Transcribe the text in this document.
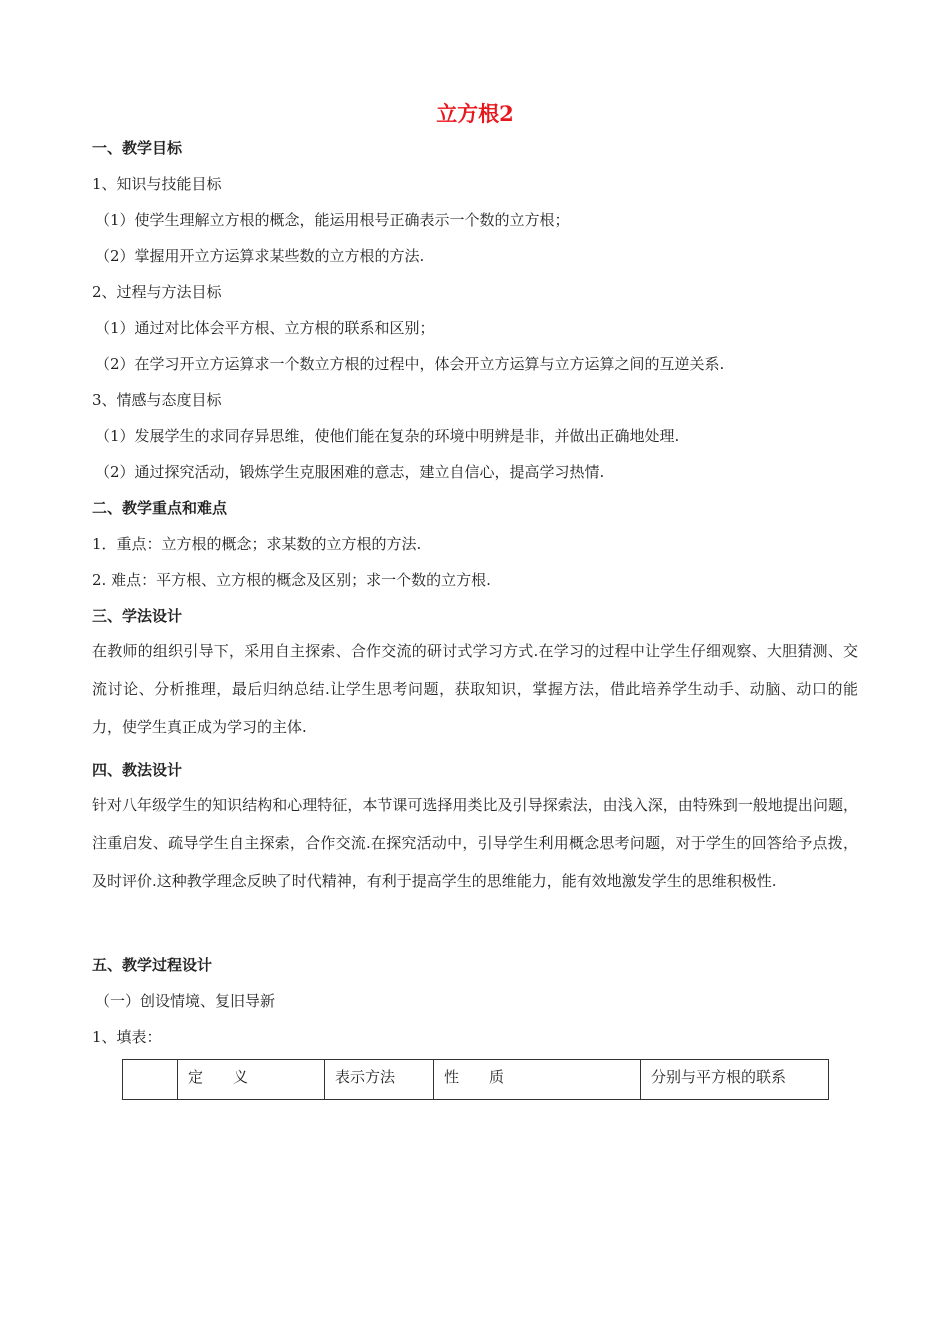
立方根2
一、教学目标
1、知识与技能目标
（1）使学生理解立方根的概念，能运用根号正确表示一个数的立方根；
（2）掌握用开立方运算求某些数的立方根的方法.
2、过程与方法目标
（1）通过对比体会平方根、立方根的联系和区别；
（2）在学习开立方运算求一个数立方根的过程中，体会开立方运算与立方运算之间的互逆关系.
3、情感与态度目标
（1）发展学生的求同存异思维，使他们能在复杂的环境中明辨是非，并做出正确地处理.
（2）通过探究活动，锻炼学生克服困难的意志，建立自信心，提高学习热情.
二、教学重点和难点
1．重点：立方根的概念；求某数的立方根的方法.
2. 难点：平方根、立方根的概念及区别；求一个数的立方根.
三、学法设计
在教师的组织引导下，采用自主探索、合作交流的研讨式学习方式.在学习的过程中让学生仔细观察、大胆猜测、交流讨论、分析推理，最后归纳总结.让学生思考问题，获取知识，掌握方法，借此培养学生动手、动脑、动口的能力，使学生真正成为学习的主体.
四、教法设计
针对八年级学生的知识结构和心理特征，本节课可选择用类比及引导探索法，由浅入深，由特殊到一般地提出问题，注重启发、疏导学生自主探索，合作交流.在探究活动中，引导学生利用概念思考问题，对于学生的回答给予点拨，及时评价.这种教学理念反映了时代精神，有利于提高学生的思维能力，能有效地激发学生的思维积极性.
五、教学过程设计
（一）创设情境、复旧导新
1、填表：
	定　　义	表示方法	性　　质	分别与平方根的联系
